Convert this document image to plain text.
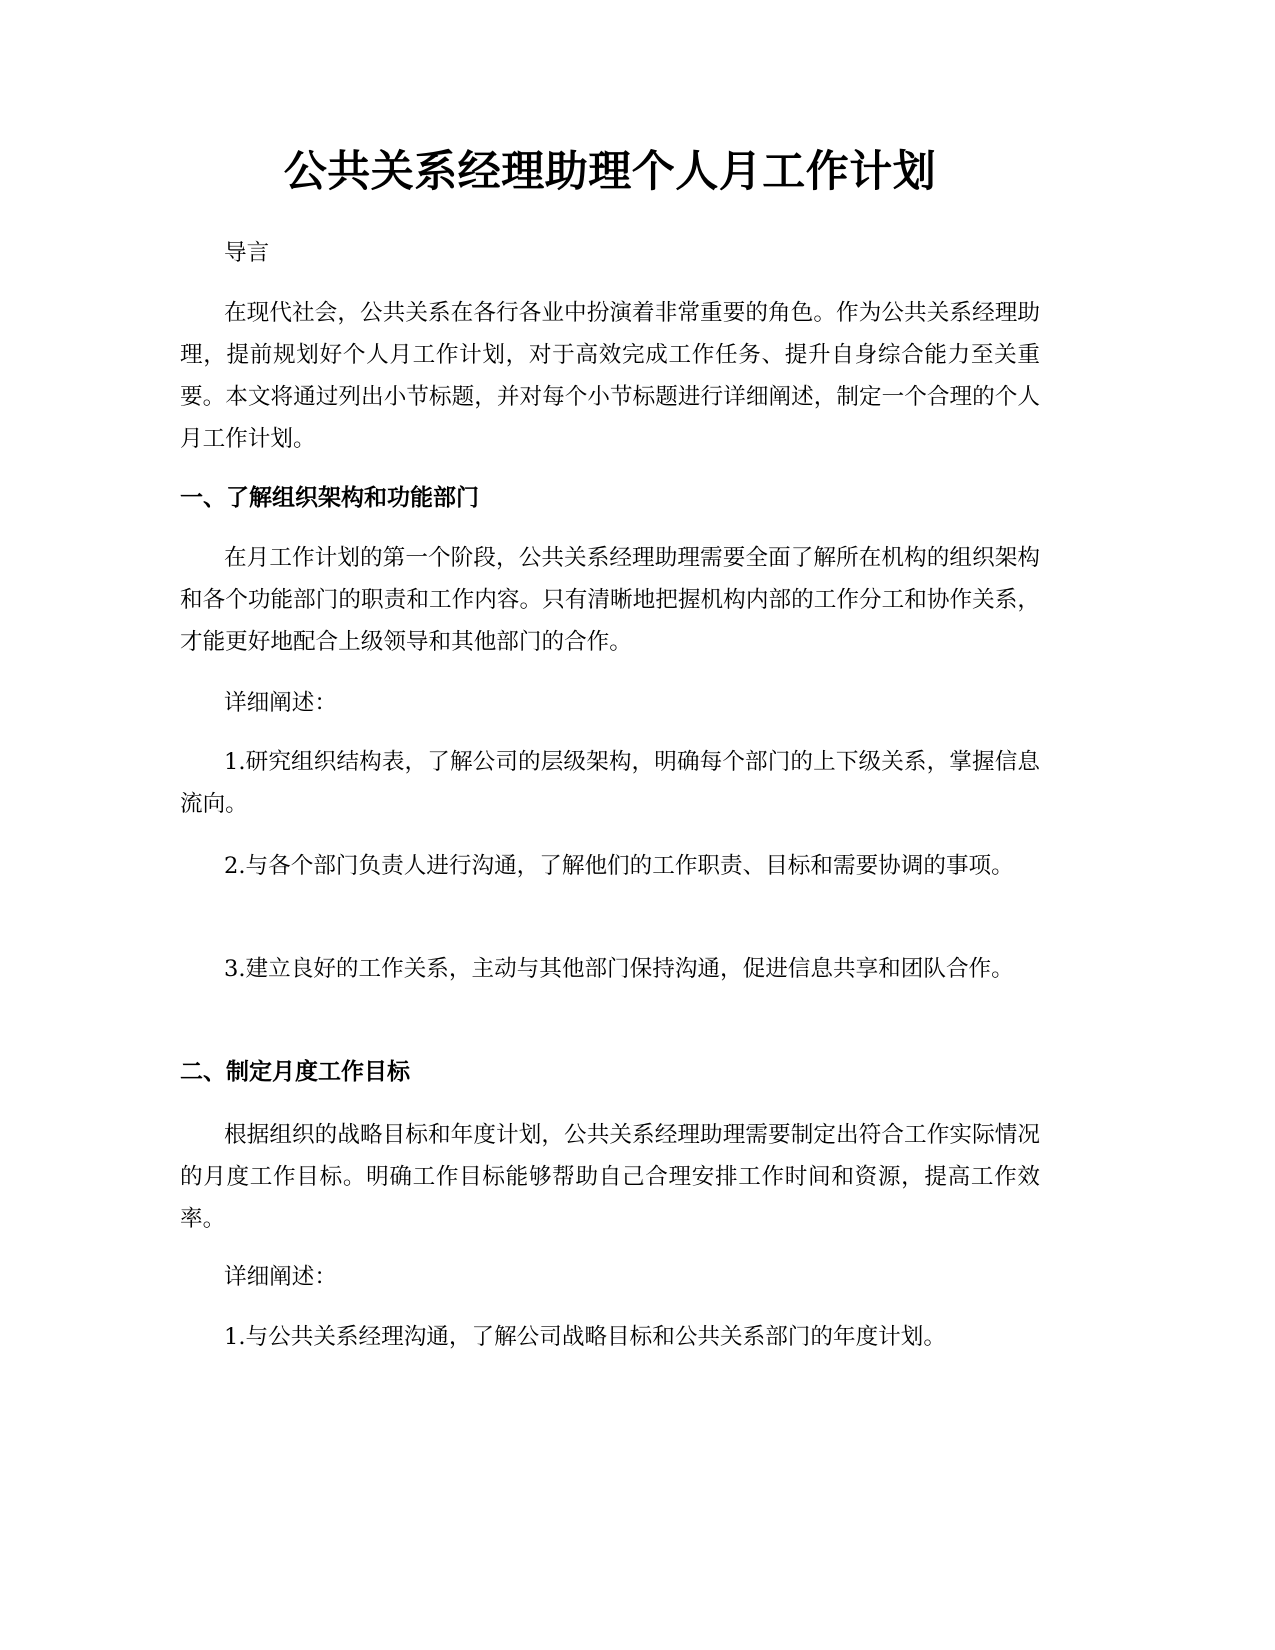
公共关系经理助理个人月工作计划

导言

在现代社会，公共关系在各行各业中扮演着非常重要的角色。作为公共关系经理助理，提前规划好个人月工作计划，对于高效完成工作任务、提升自身综合能力至关重要。本文将通过列出小节标题，并对每个小节标题进行详细阐述，制定一个合理的个人月工作计划。

一、了解组织架构和功能部门

在月工作计划的第一个阶段，公共关系经理助理需要全面了解所在机构的组织架构和各个功能部门的职责和工作内容。只有清晰地把握机构内部的工作分工和协作关系，才能更好地配合上级领导和其他部门的合作。

详细阐述：

1.研究组织结构表，了解公司的层级架构，明确每个部门的上下级关系，掌握信息流向。

2.与各个部门负责人进行沟通，了解他们的工作职责、目标和需要协调的事项。

3.建立良好的工作关系，主动与其他部门保持沟通，促进信息共享和团队合作。

二、制定月度工作目标

根据组织的战略目标和年度计划，公共关系经理助理需要制定出符合工作实际情况的月度工作目标。明确工作目标能够帮助自己合理安排工作时间和资源，提高工作效率。

详细阐述：

1.与公共关系经理沟通，了解公司战略目标和公共关系部门的年度计划。
